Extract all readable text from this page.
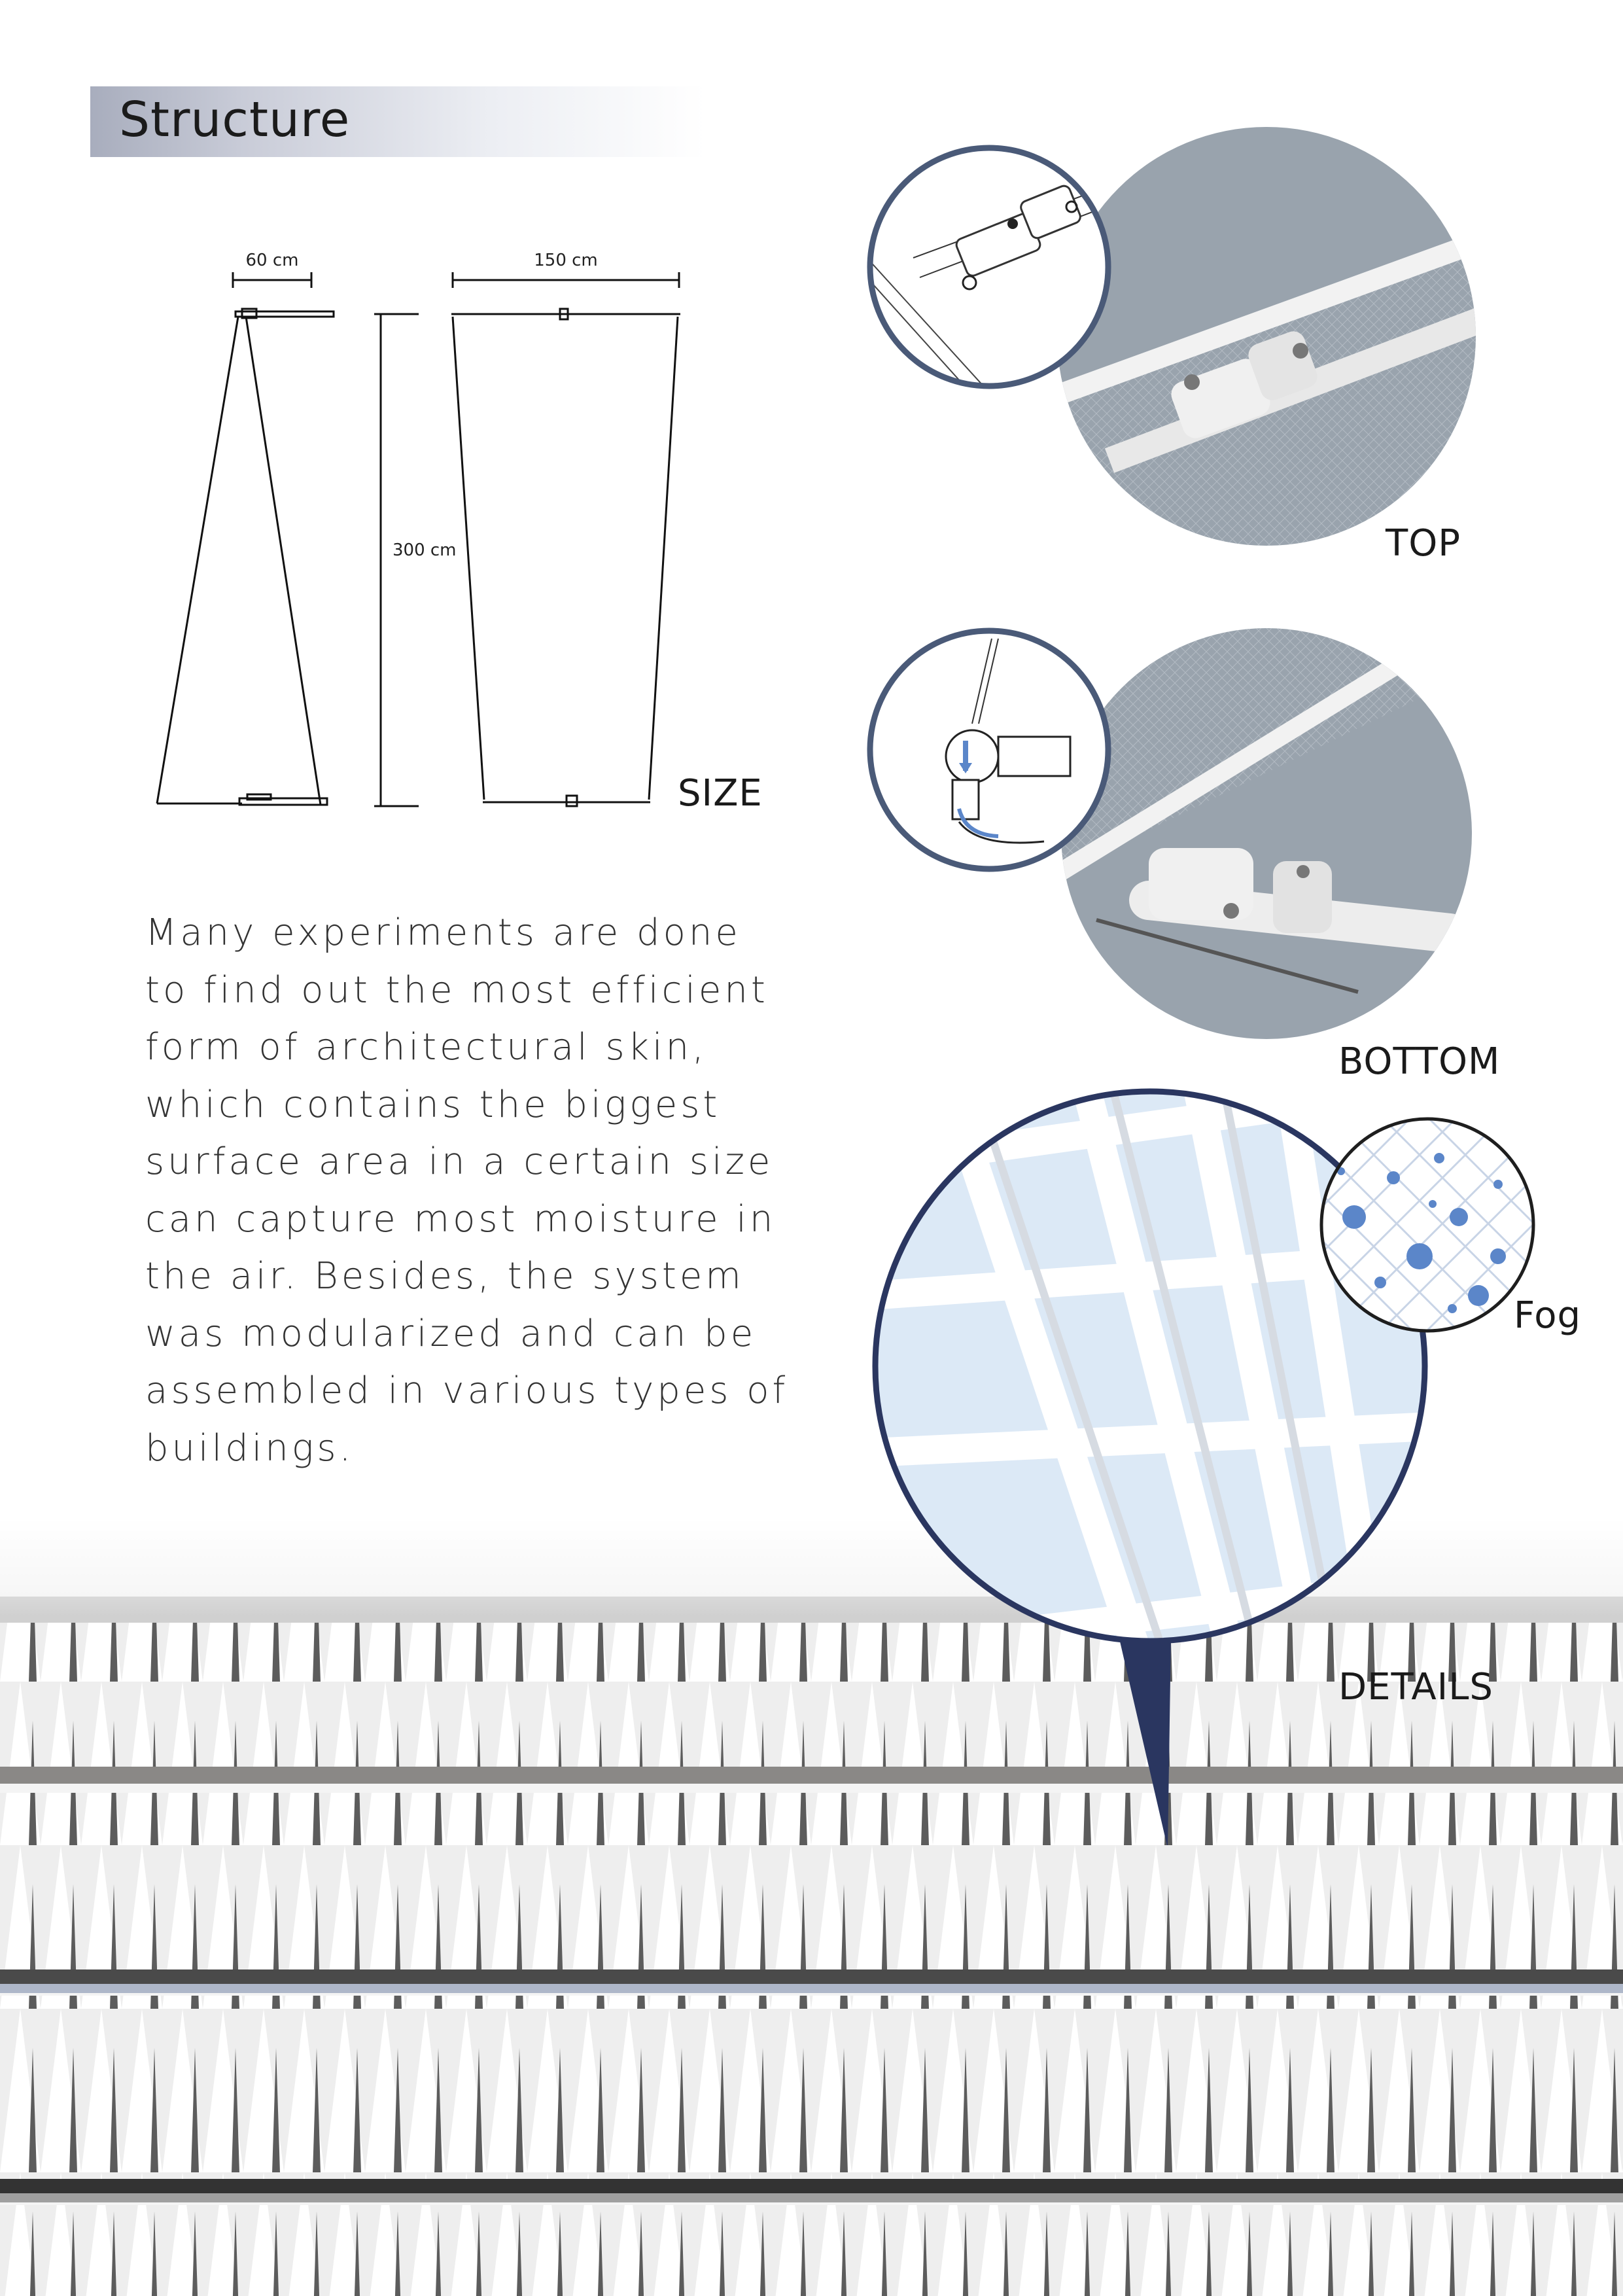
Structure
60 cm	150 cm
300 cm
SIZE
Many experiments are done
to find out the most efficient
form of architectural skin,
which contains the biggest
surface area in a certain size
can capture most moisture in
the air. Besides, the system
was modularized and can be
assembled in various types of
buildings.
TOP
BOTTOM
Fog
DETAILS
